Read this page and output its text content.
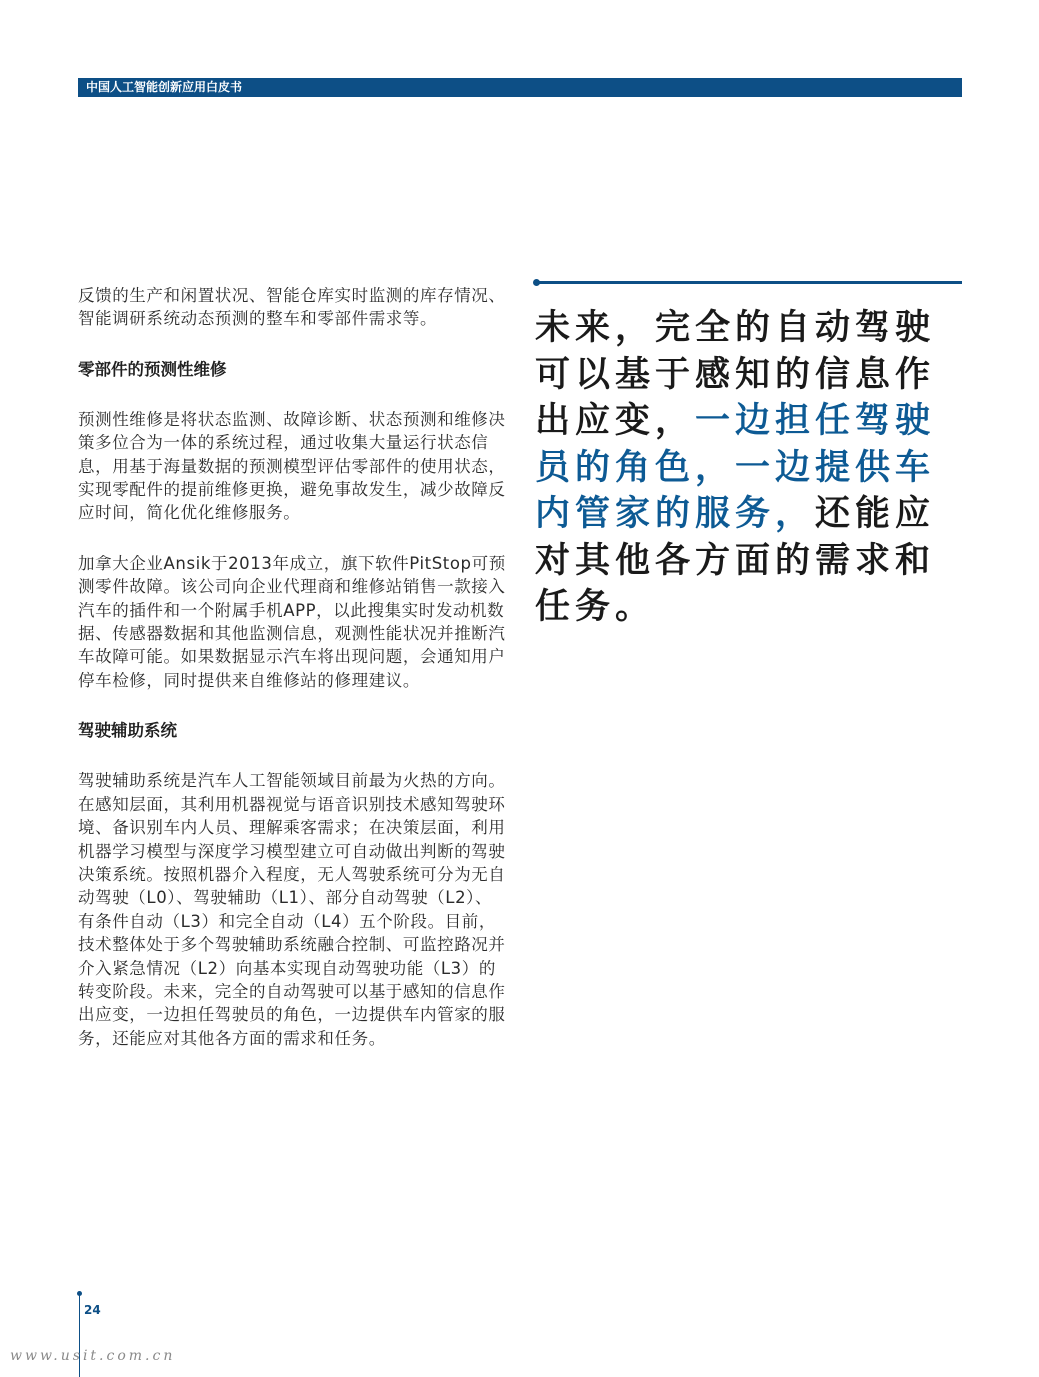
中国人工智能创新应用白皮书

反馈的生产和闲置状况、智能仓库实时监测的库存情况、智能调研系统动态预测的整车和零部件需求等。

零部件的预测性维修

预测性维修是将状态监测、故障诊断、状态预测和维修决策多位合为一体的系统过程，通过收集大量运行状态信息，用基于海量数据的预测模型评估零部件的使用状态，实现零配件的提前维修更换，避免事故发生，减少故障反应时间，简化优化维修服务。

加拿大企业Ansik于2013年成立，旗下软件PitStop可预测零件故障。该公司向企业代理商和维修站销售一款接入汽车的插件和一个附属手机APP，以此搜集实时发动机数据、传感器数据和其他监测信息，观测性能状况并推断汽车故障可能。如果数据显示汽车将出现问题，会通知用户停车检修，同时提供来自维修站的修理建议。

驾驶辅助系统

驾驶辅助系统是汽车人工智能领域目前最为火热的方向。在感知层面，其利用机器视觉与语音识别技术感知驾驶环境、备识别车内人员、理解乘客需求；在决策层面，利用机器学习模型与深度学习模型建立可自动做出判断的驾驶决策系统。按照机器介入程度，无人驾驶系统可分为无自动驾驶（L0）、驾驶辅助（L1）、部分自动驾驶（L2）、有条件自动（L3）和完全自动（L4）五个阶段。目前，技术整体处于多个驾驶辅助系统融合控制、可监控路况并介入紧急情况（L2）向基本实现自动驾驶功能（L3）的转变阶段。未来，完全的自动驾驶可以基于感知的信息作出应变，一边担任驾驶员的角色，一边提供车内管家的服务，还能应对其他各方面的需求和任务。

未来，完全的自动驾驶可以基于感知的信息作出应变，一边担任驾驶员的角色，一边提供车内管家的服务，还能应对其他各方面的需求和任务。

24
www.usit.com.cn
